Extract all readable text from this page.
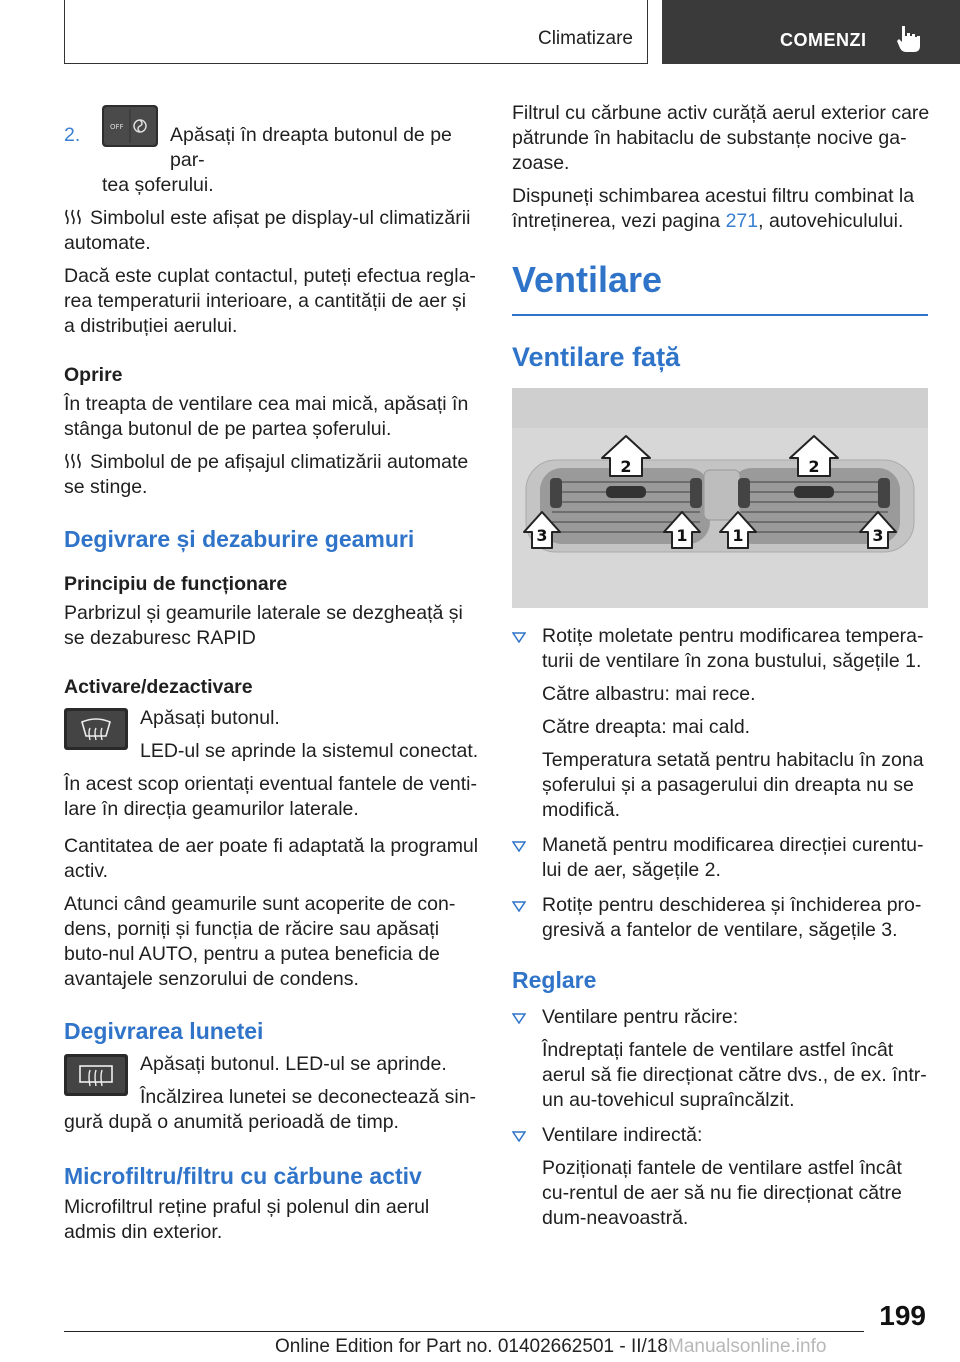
Climatizare	COMENZI
2.	OFF	Apăsați în dreapta butonul de pe par-
tea șoferului.

Simbolul este afișat pe display-ul climatizării automate.

Dacă este cuplat contactul, puteți efectua regla-rea temperaturii interioare, a cantității de aer și a distribuției aerului.

Oprire

În treapta de ventilare cea mai mică, apăsați în stânga butonul de pe partea șoferului.

Simbolul de pe afișajul climatizării automate se stinge.

Degivrare și dezaburire geamuri

Principiu de funcționare

Parbrizul și geamurile laterale se dezgheață și se dezaburesc RAPID

Activare/dezactivare

Apăsați butonul.

LED-ul se aprinde la sistemul conectat.

În acest scop orientați eventual fantele de venti-lare în direcția geamurilor laterale.

Cantitatea de aer poate fi adaptată la programul activ.

Atunci când geamurile sunt acoperite de con-dens, porniți și funcția de răcire sau apăsați buto-nul AUTO, pentru a putea beneficia de avantajele senzorului de condens.

Degivrarea lunetei

Apăsați butonul. LED-ul se aprinde.

Încălzirea lunetei se deconectează sin-

gură după o anumită perioadă de timp.

Microfiltru/filtru cu cărbune activ

Microfiltrul reține praful și polenul din aerul admis din exterior.

Filtrul cu cărbune activ curăță aerul exterior care pătrunde în habitaclu de substanțe nocive ga-zoase.

Dispuneți schimbarea acestui filtru combinat la întreținerea, vezi pagina 271, autovehiculului.

Ventilare

Ventilare față

2	2
3	1	1	3

Rotițe moletate pentru modificarea tempera-turii de ventilare în zona bustului, săgețile 1.

Către albastru: mai rece.

Către dreapta: mai cald.

Temperatura setată pentru habitaclu în zona șoferului și a pasagerului din dreapta nu se modifică.

Manetă pentru modificarea direcției curentu-lui de aer, săgețile 2.

Rotițe pentru deschiderea și închiderea pro-gresivă a fantelor de ventilare, săgețile 3.

Reglare

Ventilare pentru răcire:

Îndreptați fantele de ventilare astfel încât aerul să fie direcționat către dvs., de ex. într-un au-tovehicul supraîncălzit.

Ventilare indirectă:

Poziționați fantele de ventilare astfel încât cu-rentul de aer să nu fie direcționat către dum-neavoastră.

199
Online Edition for Part no. 01402662501 - II/18 Manualsonline.info
